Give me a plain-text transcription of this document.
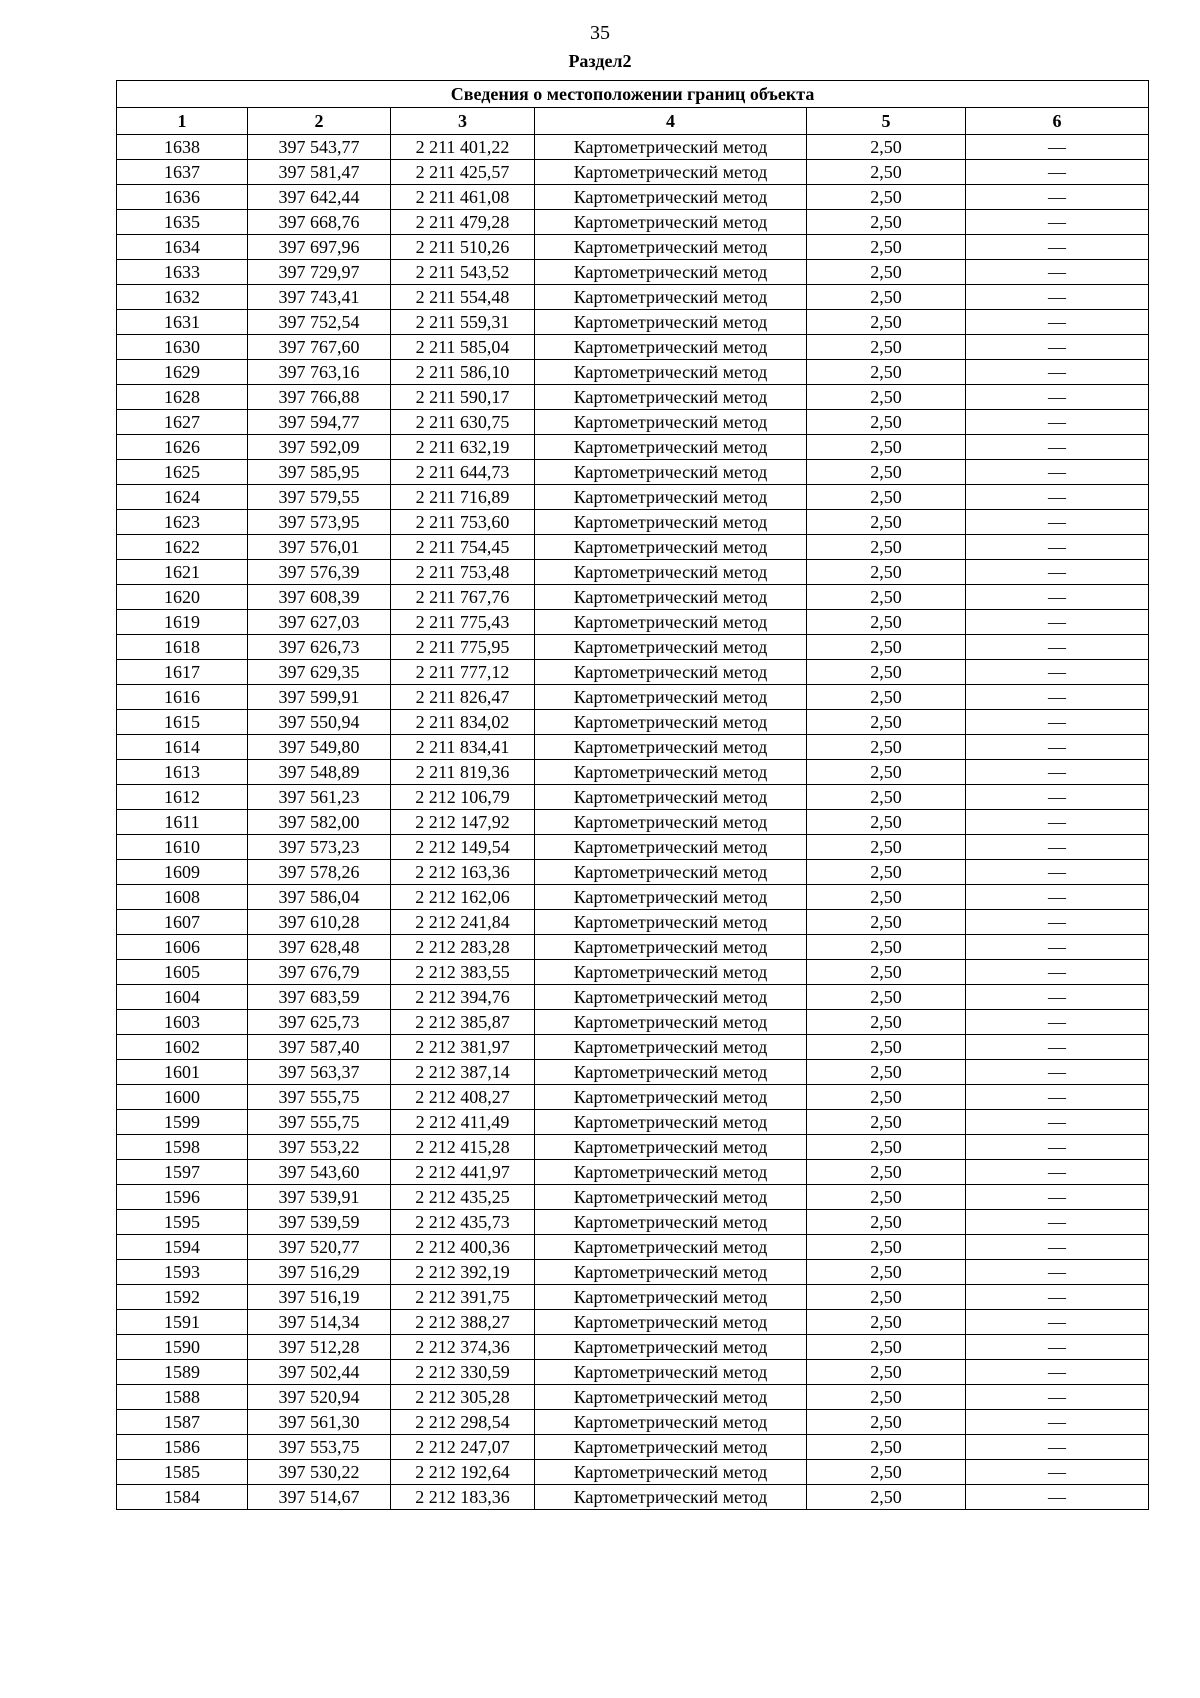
35
Раздел2
Сведения о местоположении границ объекта					
1	2	3	4	5	6
1638	397 543,77	2 211 401,22	Картометрический метод	2,50	—
1637	397 581,47	2 211 425,57	Картометрический метод	2,50	—
1636	397 642,44	2 211 461,08	Картометрический метод	2,50	—
1635	397 668,76	2 211 479,28	Картометрический метод	2,50	—
1634	397 697,96	2 211 510,26	Картометрический метод	2,50	—
1633	397 729,97	2 211 543,52	Картометрический метод	2,50	—
1632	397 743,41	2 211 554,48	Картометрический метод	2,50	—
1631	397 752,54	2 211 559,31	Картометрический метод	2,50	—
1630	397 767,60	2 211 585,04	Картометрический метод	2,50	—
1629	397 763,16	2 211 586,10	Картометрический метод	2,50	—
1628	397 766,88	2 211 590,17	Картометрический метод	2,50	—
1627	397 594,77	2 211 630,75	Картометрический метод	2,50	—
1626	397 592,09	2 211 632,19	Картометрический метод	2,50	—
1625	397 585,95	2 211 644,73	Картометрический метод	2,50	—
1624	397 579,55	2 211 716,89	Картометрический метод	2,50	—
1623	397 573,95	2 211 753,60	Картометрический метод	2,50	—
1622	397 576,01	2 211 754,45	Картометрический метод	2,50	—
1621	397 576,39	2 211 753,48	Картометрический метод	2,50	—
1620	397 608,39	2 211 767,76	Картометрический метод	2,50	—
1619	397 627,03	2 211 775,43	Картометрический метод	2,50	—
1618	397 626,73	2 211 775,95	Картометрический метод	2,50	—
1617	397 629,35	2 211 777,12	Картометрический метод	2,50	—
1616	397 599,91	2 211 826,47	Картометрический метод	2,50	—
1615	397 550,94	2 211 834,02	Картометрический метод	2,50	—
1614	397 549,80	2 211 834,41	Картометрический метод	2,50	—
1613	397 548,89	2 211 819,36	Картометрический метод	2,50	—
1612	397 561,23	2 212 106,79	Картометрический метод	2,50	—
1611	397 582,00	2 212 147,92	Картометрический метод	2,50	—
1610	397 573,23	2 212 149,54	Картометрический метод	2,50	—
1609	397 578,26	2 212 163,36	Картометрический метод	2,50	—
1608	397 586,04	2 212 162,06	Картометрический метод	2,50	—
1607	397 610,28	2 212 241,84	Картометрический метод	2,50	—
1606	397 628,48	2 212 283,28	Картометрический метод	2,50	—
1605	397 676,79	2 212 383,55	Картометрический метод	2,50	—
1604	397 683,59	2 212 394,76	Картометрический метод	2,50	—
1603	397 625,73	2 212 385,87	Картометрический метод	2,50	—
1602	397 587,40	2 212 381,97	Картометрический метод	2,50	—
1601	397 563,37	2 212 387,14	Картометрический метод	2,50	—
1600	397 555,75	2 212 408,27	Картометрический метод	2,50	—
1599	397 555,75	2 212 411,49	Картометрический метод	2,50	—
1598	397 553,22	2 212 415,28	Картометрический метод	2,50	—
1597	397 543,60	2 212 441,97	Картометрический метод	2,50	—
1596	397 539,91	2 212 435,25	Картометрический метод	2,50	—
1595	397 539,59	2 212 435,73	Картометрический метод	2,50	—
1594	397 520,77	2 212 400,36	Картометрический метод	2,50	—
1593	397 516,29	2 212 392,19	Картометрический метод	2,50	—
1592	397 516,19	2 212 391,75	Картометрический метод	2,50	—
1591	397 514,34	2 212 388,27	Картометрический метод	2,50	—
1590	397 512,28	2 212 374,36	Картометрический метод	2,50	—
1589	397 502,44	2 212 330,59	Картометрический метод	2,50	—
1588	397 520,94	2 212 305,28	Картометрический метод	2,50	—
1587	397 561,30	2 212 298,54	Картометрический метод	2,50	—
1586	397 553,75	2 212 247,07	Картометрический метод	2,50	—
1585	397 530,22	2 212 192,64	Картометрический метод	2,50	—
1584	397 514,67	2 212 183,36	Картометрический метод	2,50	—
